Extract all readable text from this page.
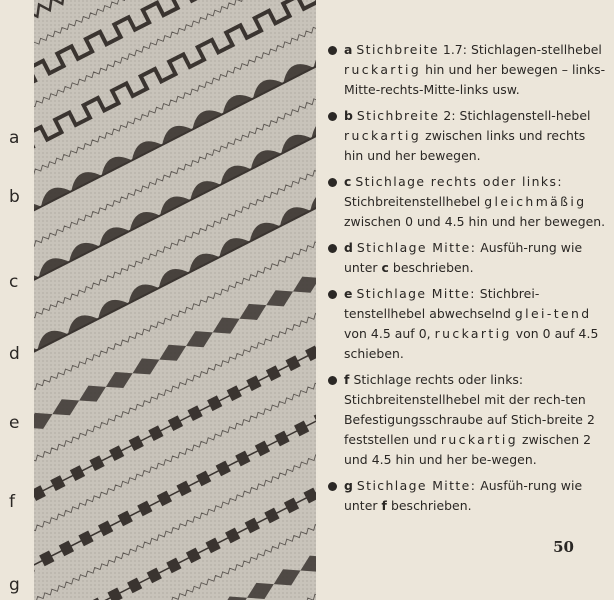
a
b
c
d
e
f
g
a Stichbreite 1.7: Stichlagen-stellhebel ruckartig hin und her bewegen – links-Mitte-rechts-Mitte-links usw.
b Stichbreite 2: Stichlagenstell-hebel ruckartig zwischen links und rechts hin und her bewegen.
c Stichlage rechts oder links: Stichbreitenstellhebel gleichmäßig zwischen 0 und 4.5 hin und her bewegen.
d Stichlage Mitte: Ausfüh-rung wie unter c beschrieben.
e Stichlage Mitte: Stichbrei-tenstellhebel abwechselnd glei-tend von 4.5 auf 0, ruckartig von 0 auf 4.5 schieben.
f Stichlage rechts oder links: Stichbreitenstellhebel mit der rech-ten Befestigungsschraube auf Stich-breite 2 feststellen und ruckartig zwischen 2 und 4.5 hin und her be-wegen.
g Stichlage Mitte: Ausfüh-rung wie unter f beschrieben.
50
